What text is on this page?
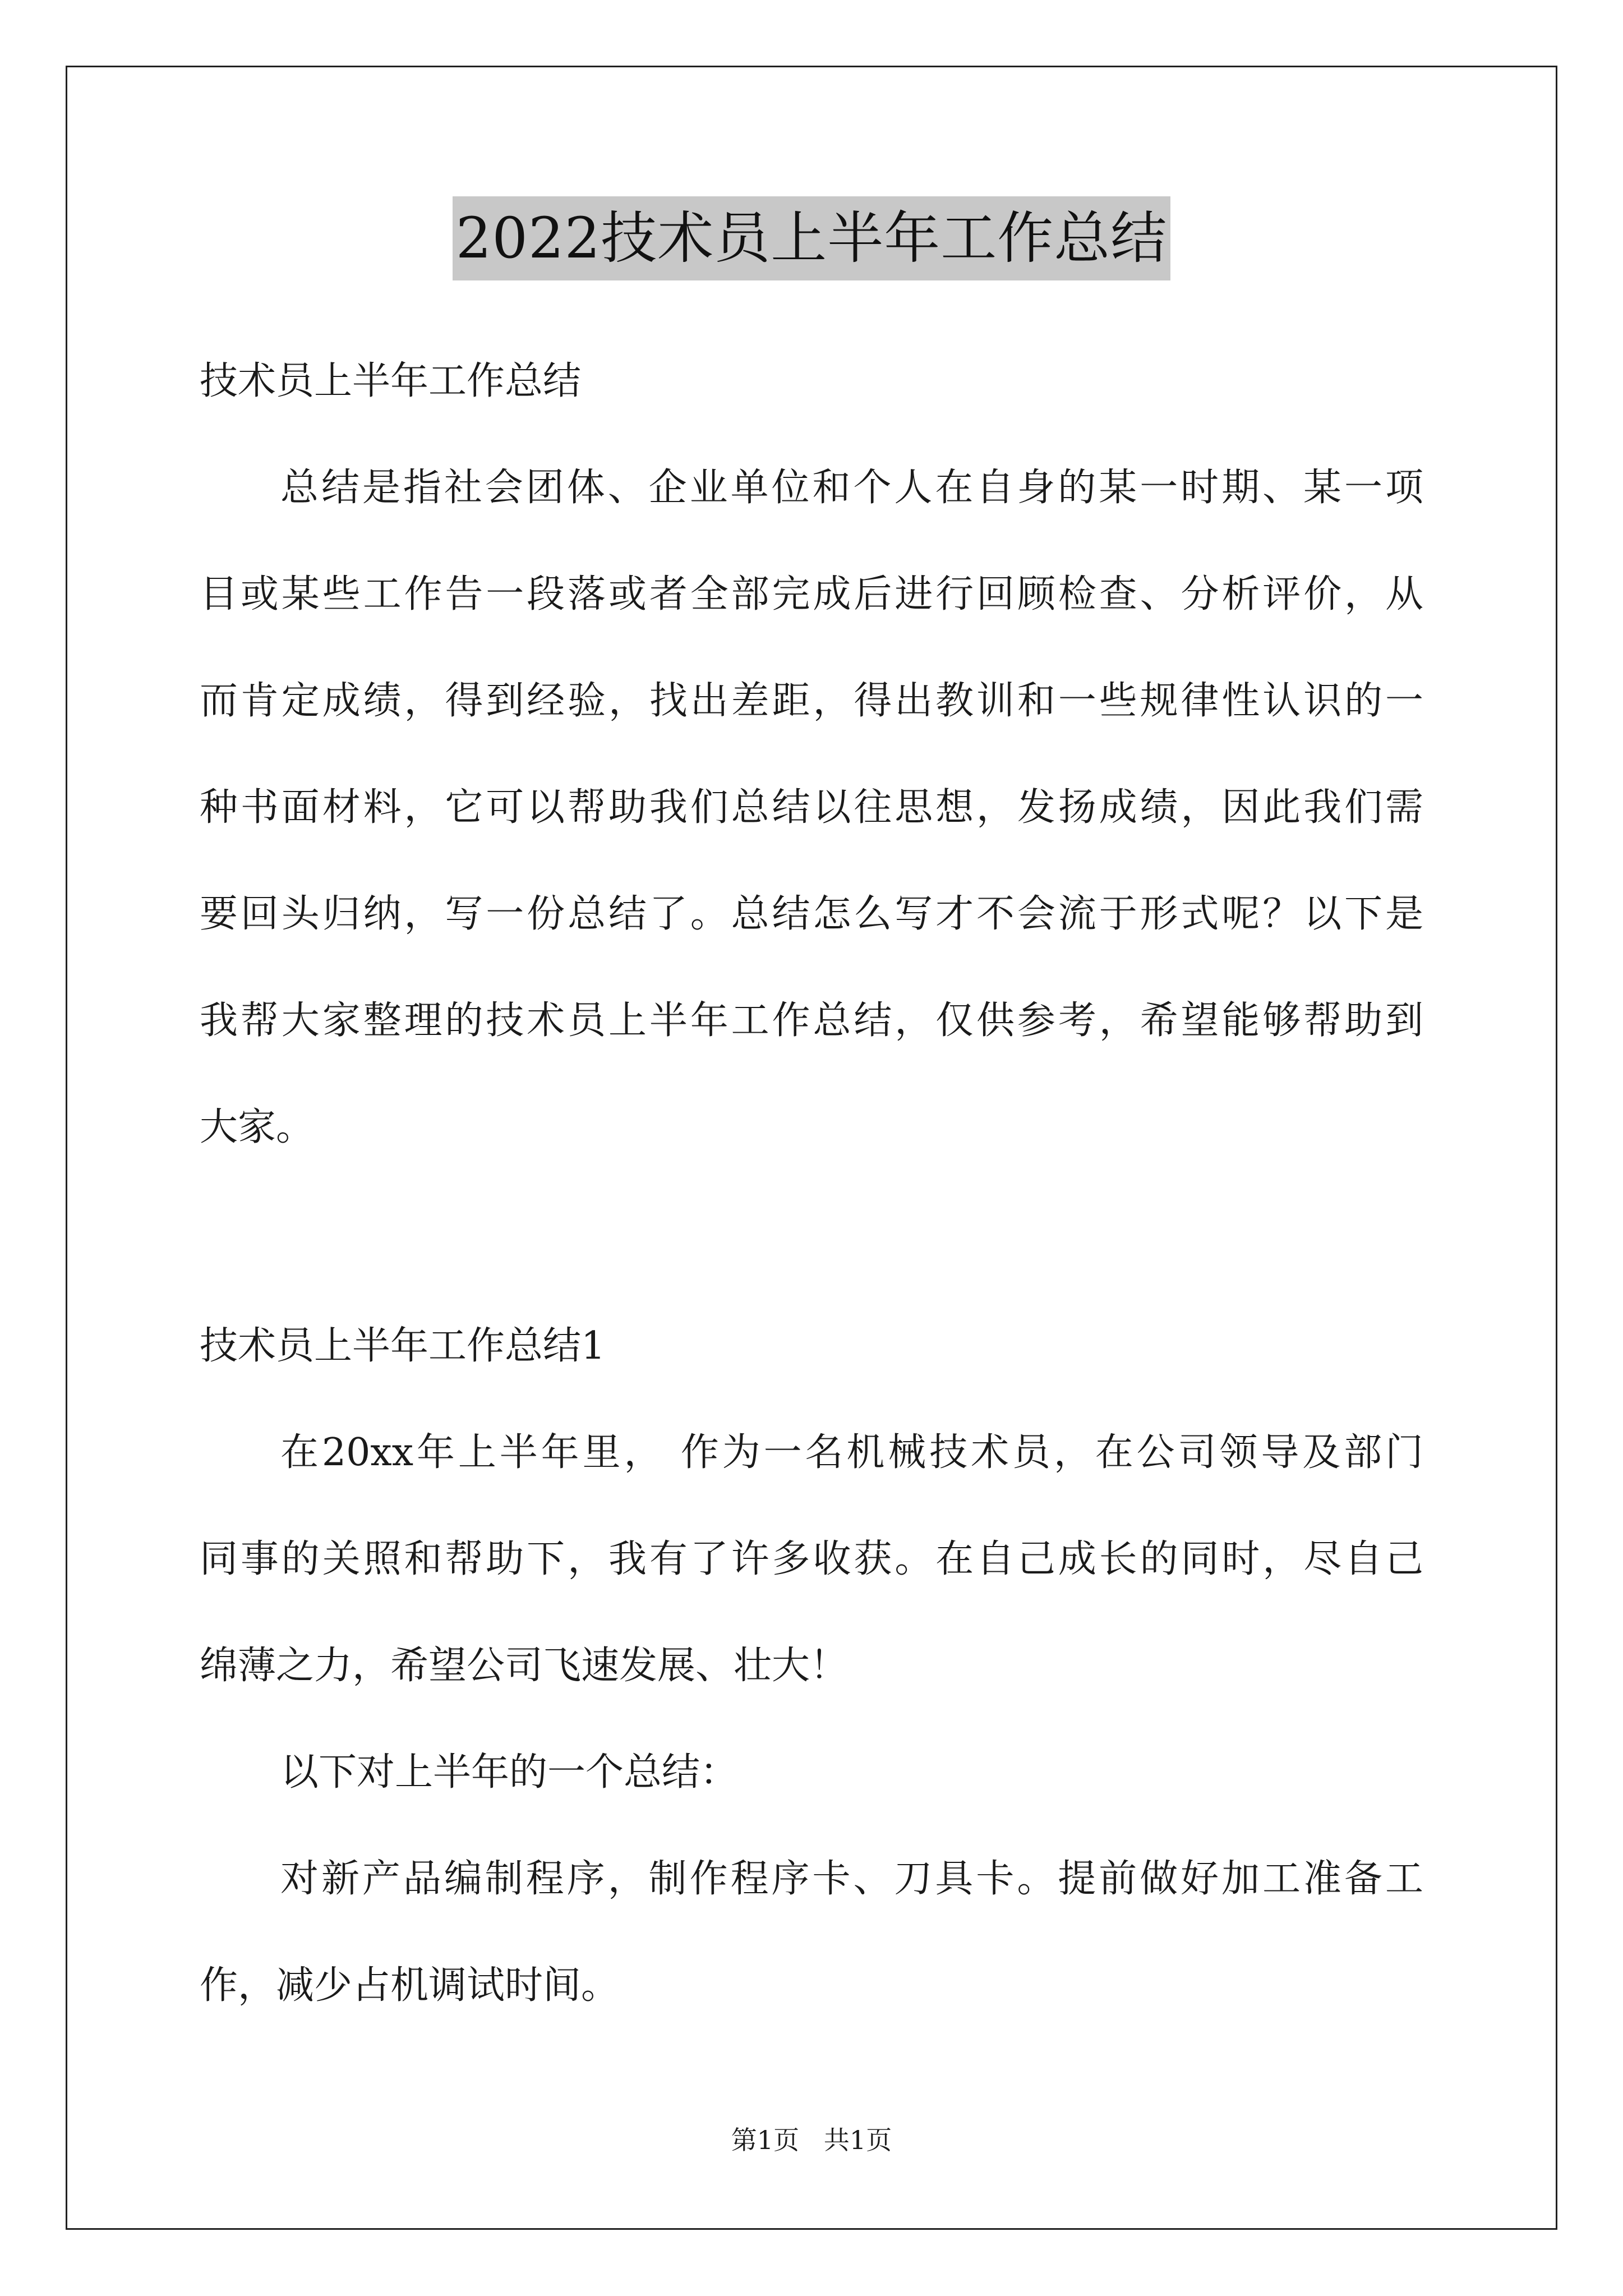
2022技术员上半年工作总结
技术员上半年工作总结
总结是指社会团体、企业单位和个人在自身的某一时期、某一项
目或某些工作告一段落或者全部完成后进行回顾检查、分析评价，从
而肯定成绩，得到经验，找出差距，得出教训和一些规律性认识的一
种书面材料，它可以帮助我们总结以往思想，发扬成绩，因此我们需
要回头归纳，写一份总结了。总结怎么写才不会流于形式呢？以下是
我帮大家整理的技术员上半年工作总结，仅供参考，希望能够帮助到
大家。
技术员上半年工作总结1
在20xx年上半年里， 作为一名机械技术员，在公司领导及部门
同事的关照和帮助下，我有了许多收获。在自己成长的同时，尽自己
绵薄之力，希望公司飞速发展、壮大！
以下对上半年的一个总结：
对新产品编制程序，制作程序卡、刀具卡。提前做好加工准备工
作，减少占机调试时间。
第1页   共1页
